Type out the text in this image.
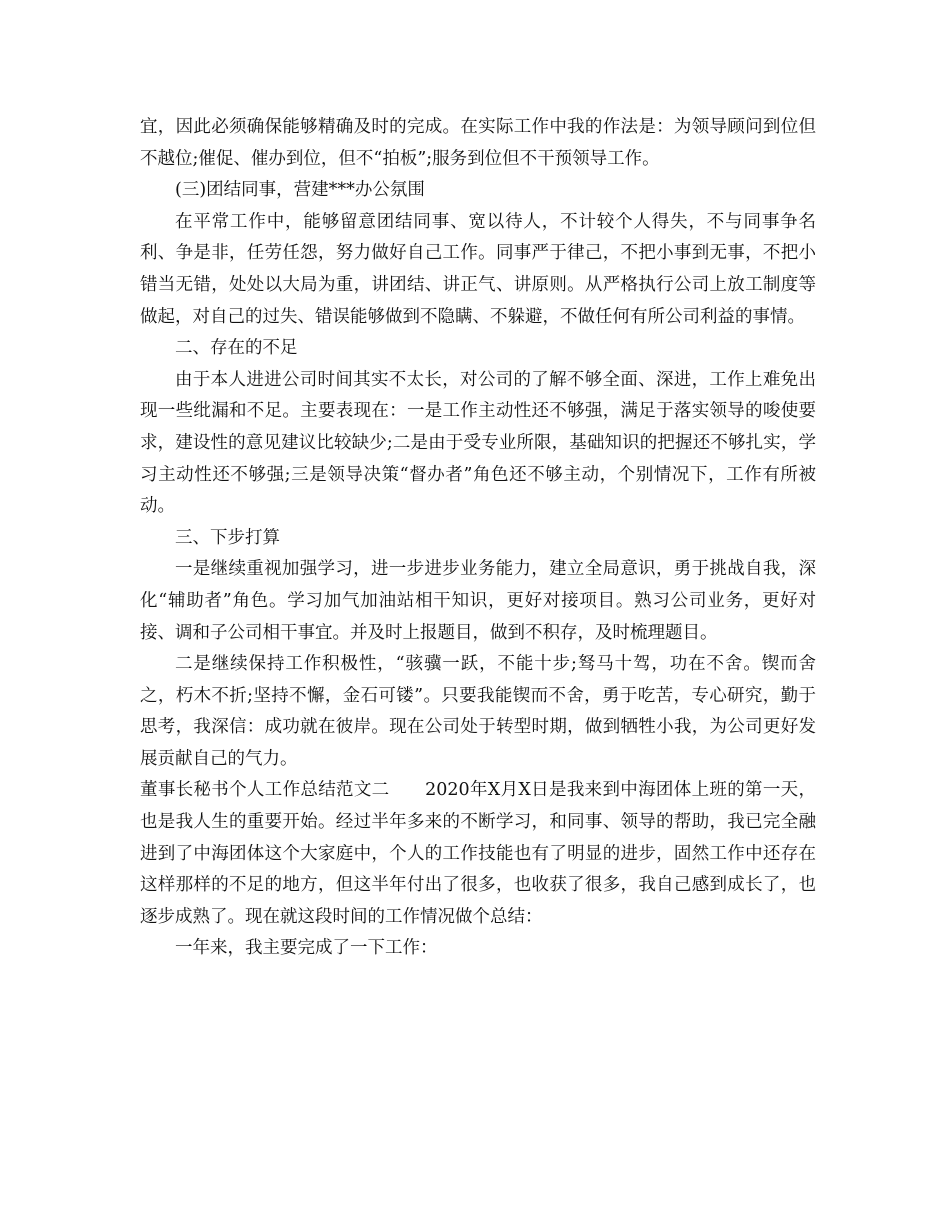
宜，因此必须确保能够精确及时的完成。在实际工作中我的作法是：为领导顾问到位但不越位;催促、催办到位，但不“拍板”;服务到位但不干预领导工作。

(三)团结同事，营建***办公氛围

在平常工作中，能够留意团结同事、宽以待人，不计较个人得失，不与同事争名利、争是非，任劳任怨，努力做好自己工作。同事严于律己，不把小事到无事，不把小错当无错，处处以大局为重，讲团结、讲正气、讲原则。从严格执行公司上放工制度等做起，对自己的过失、错误能够做到不隐瞒、不躲避，不做任何有所公司利益的事情。

二、存在的不足

由于本人进进公司时间其实不太长，对公司的了解不够全面、深进，工作上难免出现一些纰漏和不足。主要表现在：一是工作主动性还不够强，满足于落实领导的唆使要求，建设性的意见建议比较缺少;二是由于受专业所限，基础知识的把握还不够扎实，学习主动性还不够强;三是领导决策“督办者”角色还不够主动，个别情况下，工作有所被动。

三、下步打算

一是继续重视加强学习，进一步进步业务能力，建立全局意识，勇于挑战自我，深化“辅助者”角色。学习加气加油站相干知识，更好对接项目。熟习公司业务，更好对接、调和子公司相干事宜。并及时上报题目，做到不积存，及时梳理题目。

二是继续保持工作积极性，“骇骥一跃，不能十步;驽马十驾，功在不舍。锲而舍之，朽木不折;坚持不懈，金石可镂”。只要我能锲而不舍，勇于吃苦，专心研究，勤于思考，我深信：成功就在彼岸。现在公司处于转型时期，做到牺牲小我，为公司更好发展贡献自己的气力。

董事长秘书个人工作总结范文二　　2020年X月X日是我来到中海团体上班的第一天，也是我人生的重要开始。经过半年多来的不断学习，和同事、领导的帮助，我已完全融进到了中海团体这个大家庭中，个人的工作技能也有了明显的进步，固然工作中还存在这样那样的不足的地方，但这半年付出了很多，也收获了很多，我自己感到成长了，也逐步成熟了。现在就这段时间的工作情况做个总结：

一年来，我主要完成了一下工作：
